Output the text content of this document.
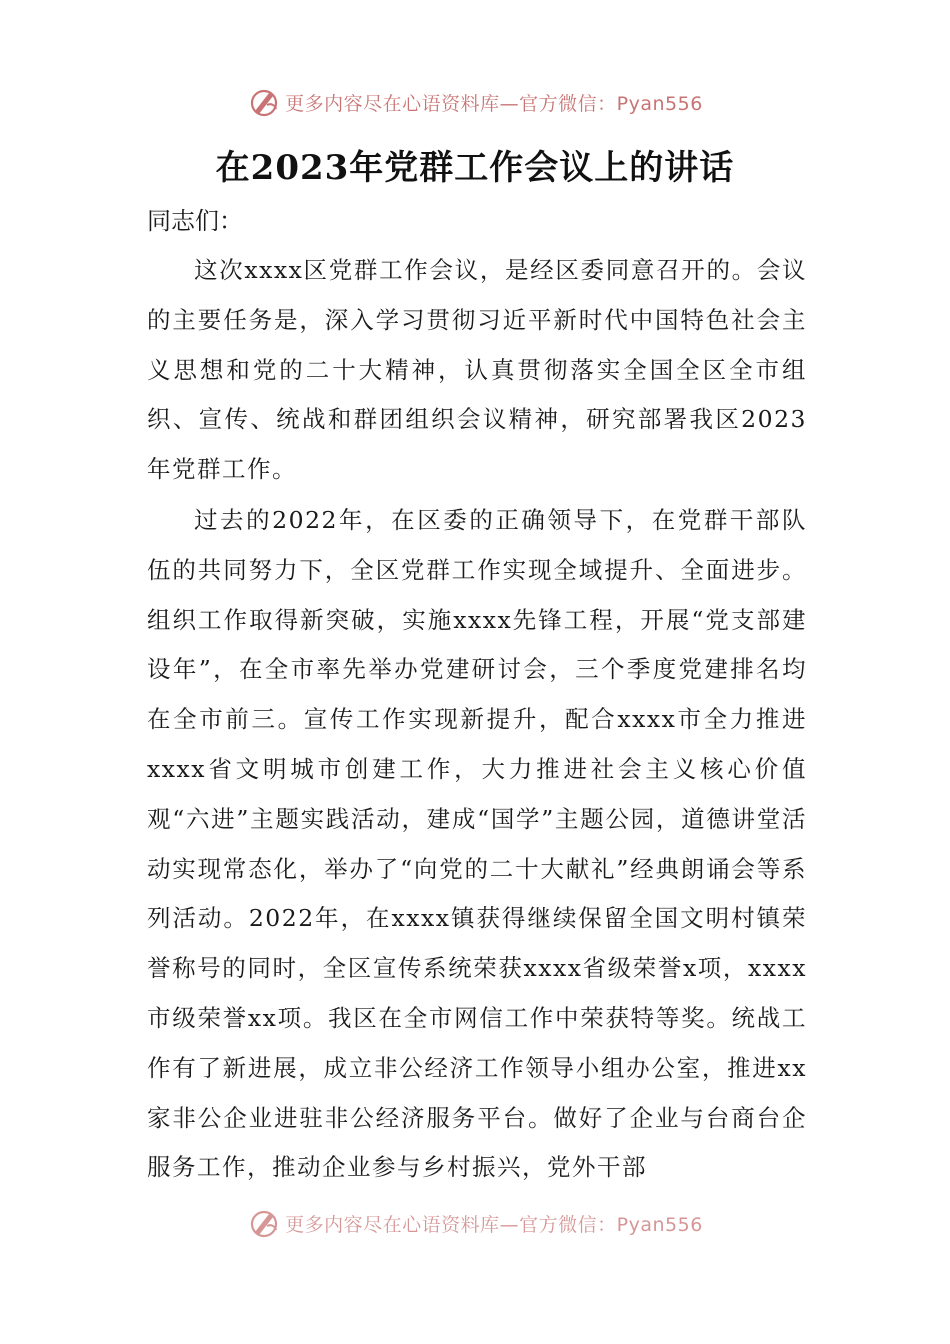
更多内容尽在心语资料库—官方微信：Pyan556
在2023年党群工作会议上的讲话

同志们：

这次xxxx区党群工作会议，是经区委同意召开的。会议的主要任务是，深入学习贯彻习近平新时代中国特色社会主义思想和党的二十大精神，认真贯彻落实全国全区全市组织、宣传、统战和群团组织会议精神，研究部署我区2023年党群工作。

过去的2022年，在区委的正确领导下，在党群干部队伍的共同努力下，全区党群工作实现全域提升、全面进步。组织工作取得新突破，实施xxxx先锋工程，开展“党支部建设年”，在全市率先举办党建研讨会，三个季度党建排名均在全市前三。宣传工作实现新提升，配合xxxx市全力推进xxxx省文明城市创建工作，大力推进社会主义核心价值观“六进”主题实践活动，建成“国学”主题公园，道德讲堂活动实现常态化，举办了“向党的二十大献礼”经典朗诵会等系列活动。2022年，在xxxx镇获得继续保留全国文明村镇荣誉称号的同时，全区宣传系统荣获xxxx省级荣誉x项，xxxx市级荣誉xx项。我区在全市网信工作中荣获特等奖。统战工作有了新进展，成立非公经济工作领导小组办公室，推进xx家非公企业进驻非公经济服务平台。做好了企业与台商台企服务工作，推动企业参与乡村振兴，党外干部

更多内容尽在心语资料库—官方微信：Pyan556
